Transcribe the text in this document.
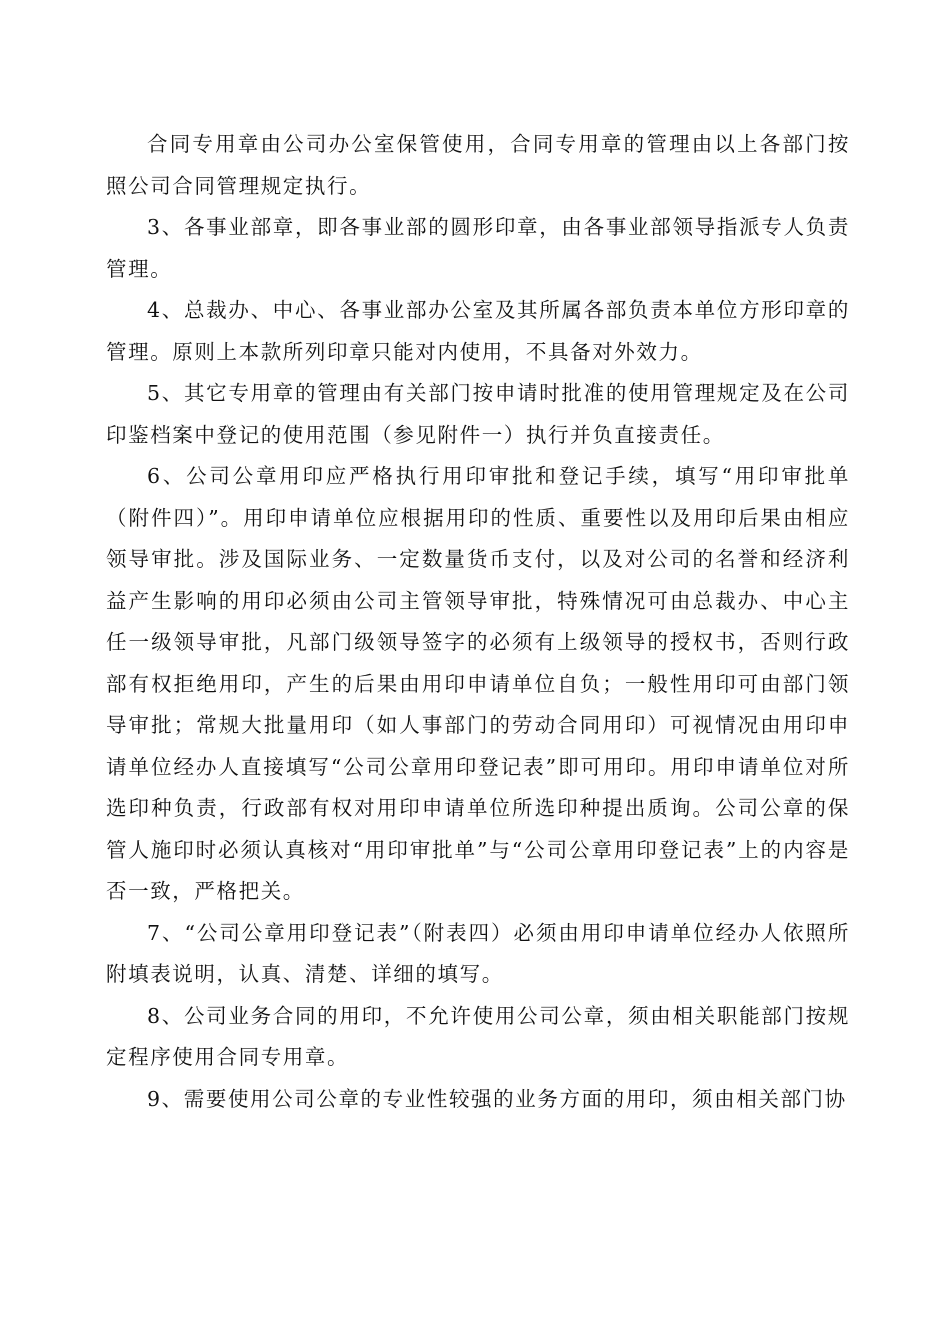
合同专用章由公司办公室保管使用，合同专用章的管理由以上各部门按照公司合同管理规定执行。

3、各事业部章，即各事业部的圆形印章，由各事业部领导指派专人负责管理。

4、总裁办、中心、各事业部办公室及其所属各部负责本单位方形印章的管理。原则上本款所列印章只能对内使用，不具备对外效力。

5、其它专用章的管理由有关部门按申请时批准的使用管理规定及在公司印鉴档案中登记的使用范围（参见附件一）执行并负直接责任。

6、公司公章用印应严格执行用印审批和登记手续，填写“用印审批单（附件四）”。用印申请单位应根据用印的性质、重要性以及用印后果由相应领导审批。涉及国际业务、一定数量货币支付，以及对公司的名誉和经济利益产生影响的用印必须由公司主管领导审批，特殊情况可由总裁办、中心主任一级领导审批，凡部门级领导签字的必须有上级领导的授权书，否则行政部有权拒绝用印，产生的后果由用印申请单位自负；一般性用印可由部门领导审批；常规大批量用印（如人事部门的劳动合同用印）可视情况由用印申请单位经办人直接填写“公司公章用印登记表”即可用印。用印申请单位对所选印种负责，行政部有权对用印申请单位所选印种提出质询。公司公章的保管人施印时必须认真核对“用印审批单”与“公司公章用印登记表”上的内容是否一致，严格把关。

7、“公司公章用印登记表”（附表四）必须由用印申请单位经办人依照所附填表说明，认真、清楚、详细的填写。

8、公司业务合同的用印，不允许使用公司公章，须由相关职能部门按规定程序使用合同专用章。

9、需要使用公司公章的专业性较强的业务方面的用印，须由相关部门协
